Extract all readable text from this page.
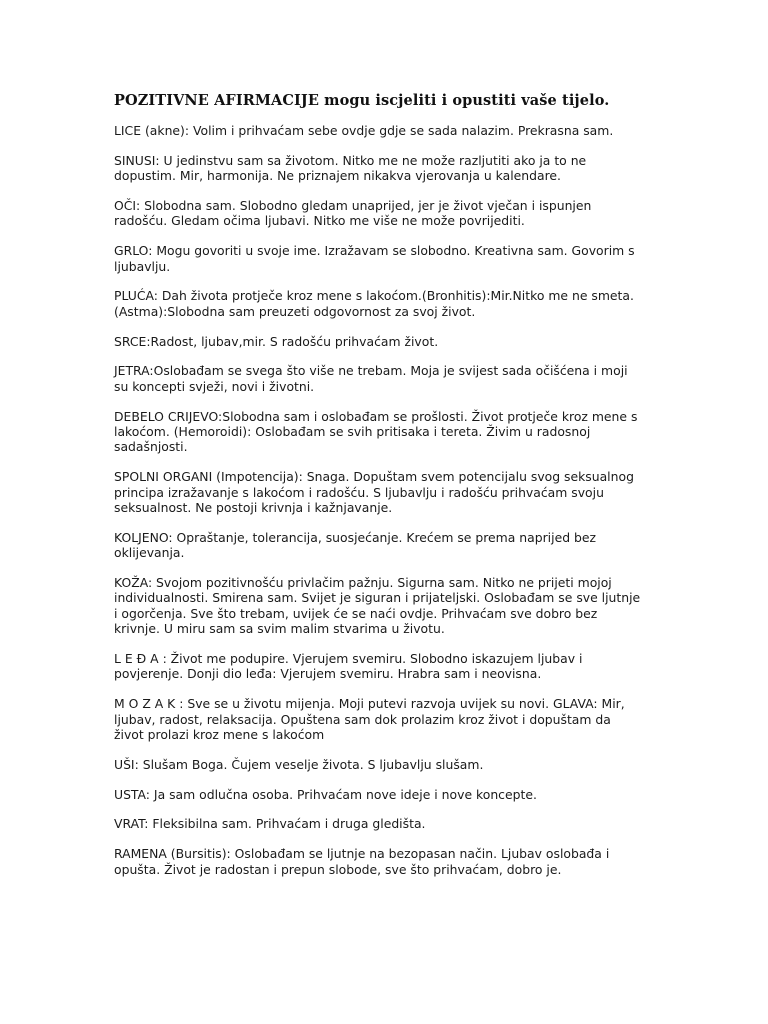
POZITIVNE AFIRMACIJE mogu iscjeliti i opustiti vaše tijelo.

LICE (akne): Volim i prihvaćam sebe ovdje gdje se sada nalazim. Prekrasna sam.

SINUSI: U jedinstvu sam sa životom. Nitko me ne može razljutiti ako ja to ne
dopustim. Mir, harmonija. Ne priznajem nikakva vjerovanja u kalendare.

OČI: Slobodna sam. Slobodno gledam unaprijed, jer je život vječan i ispunjen
radošću. Gledam očima ljubavi. Nitko me više ne može povrijediti.

GRLO: Mogu govoriti u svoje ime. Izražavam se slobodno. Kreativna sam. Govorim s
ljubavlju.

PLUĆA: Dah života protječe kroz mene s lakoćom.(Bronhitis):Mir.Nitko me ne smeta.
(Astma):Slobodna sam preuzeti odgovornost za svoj život.

SRCE:Radost, ljubav,mir. S radošću prihvaćam život.

JETRA:Oslobađam se svega što više ne trebam. Moja je svijest sada očišćena i moji
su koncepti svježi, novi i životni.

DEBELO CRIJEVO:Slobodna sam i oslobađam se prošlosti. Život protječe kroz mene s
lakoćom. (Hemoroidi): Oslobađam se svih pritisaka i tereta. Živim u radosnoj
sadašnjosti.

SPOLNI ORGANI (Impotencija): Snaga. Dopuštam svem potencijalu svog seksualnog
principa izražavanje s lakoćom i radošću. S ljubavlju i radošću prihvaćam svoju
seksualnost. Ne postoji krivnja i kažnjavanje.

KOLJENO: Opraštanje, tolerancija, suosjećanje. Krećem se prema naprijed bez
oklijevanja.

KOŽA: Svojom pozitivnošću privlačim pažnju. Sigurna sam. Nitko ne prijeti mojoj
individualnosti. Smirena sam. Svijet je siguran i prijateljski. Oslobađam se sve ljutnje
i ogorčenja. Sve što trebam, uvijek će se naći ovdje. Prihvaćam sve dobro bez
krivnje. U miru sam sa svim malim stvarima u životu.

L E Đ A : Život me podupire. Vjerujem svemiru. Slobodno iskazujem ljubav i
povjerenje. Donji dio leđa: Vjerujem svemiru. Hrabra sam i neovisna.

M O Z A K : Sve se u životu mijenja. Moji putevi razvoja uvijek su novi. GLAVA: Mir,
ljubav, radost, relaksacija. Opuštena sam dok prolazim kroz život i dopuštam da
život prolazi kroz mene s lakoćom

UŠI: Slušam Boga. Čujem veselje života. S ljubavlju slušam.

USTA: Ja sam odlučna osoba. Prihvaćam nove ideje i nove koncepte.

VRAT: Fleksibilna sam. Prihvaćam i druga gledišta.

RAMENA (Bursitis): Oslobađam se ljutnje na bezopasan način. Ljubav oslobađa i
opušta. Život je radostan i prepun slobode, sve što prihvaćam, dobro je.
